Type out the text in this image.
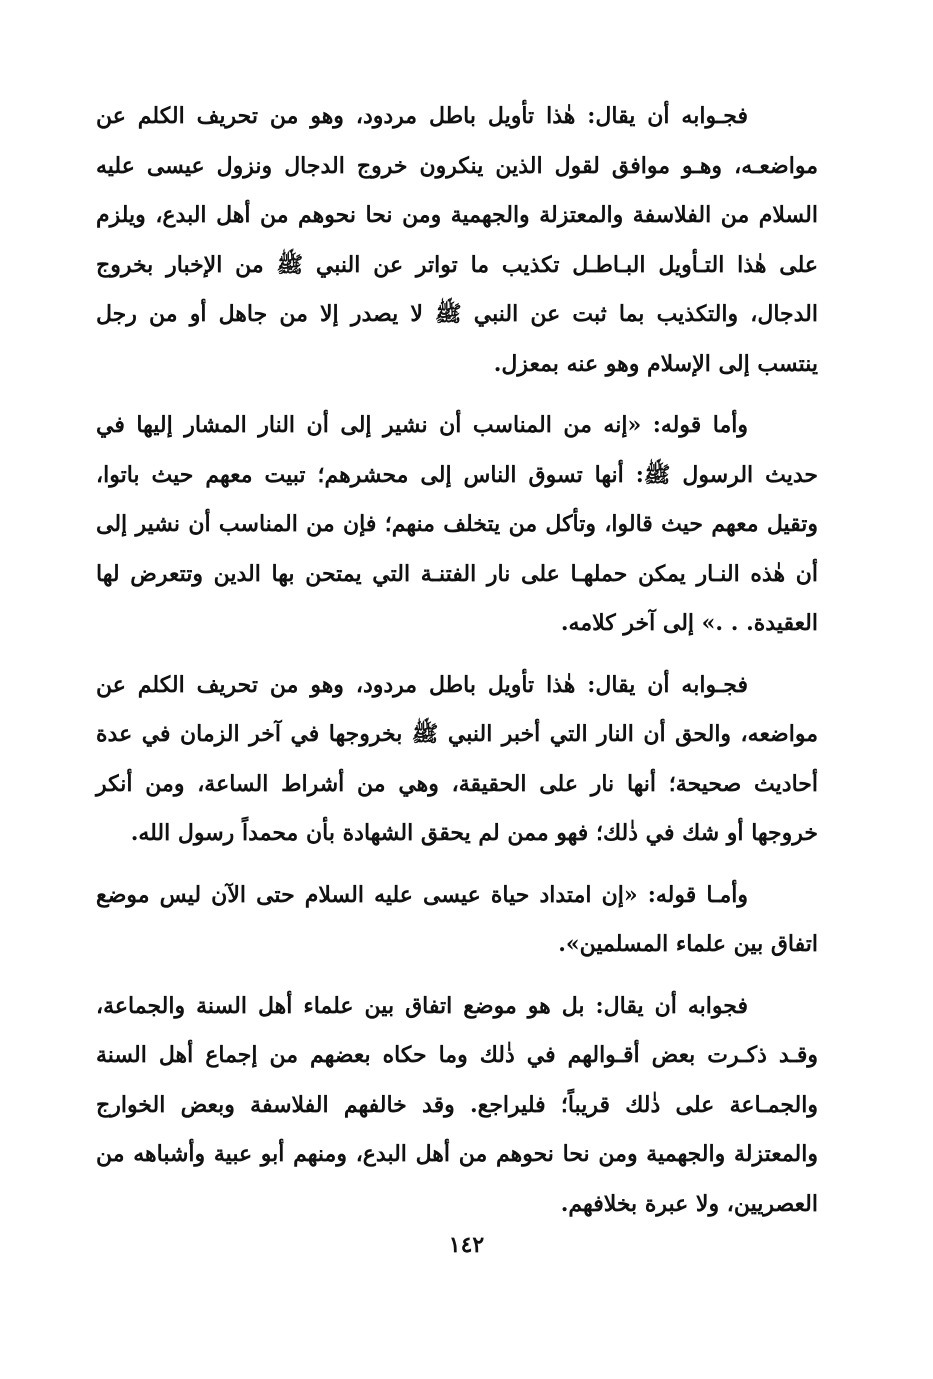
فجـوابه أن يقال: هٰذا تأويل باطل مردود، وهو من تحريف الكلم عن مواضعـه، وهـو موافق لقول الذين ينكرون خروج الدجال ونزول عيسى عليه السلام من الفلاسفة والمعتزلة والجهمية ومن نحا نحوهم من أهل البدع، ويلزم على هٰذا التـأويل البـاطـل تكذيب ما تواتر عن النبي ﷺ من الإخبار بخروج الدجال، والتكذيب بما ثبت عن النبي ﷺ لا يصدر إلا من جاهل أو من رجل ينتسب إلى الإسلام وهو عنه بمعزل.

وأما قوله: «إنه من المناسب أن نشير إلى أن النار المشار إليها في حديث الرسول ﷺ: أنها تسوق الناس إلى محشرهم؛ تبيت معهم حيث باتوا، وتقيل معهم حيث قالوا، وتأكل من يتخلف منهم؛ فإن من المناسب أن نشير إلى أن هٰذه النـار يمكن حملهـا على نار الفتنـة التي يمتحن بها الدين وتتعرض لها العقيدة. . .» إلى آخر كلامه.

فجـوابه أن يقال: هٰذا تأويل باطل مردود، وهو من تحريف الكلم عن مواضعه، والحق أن النار التي أخبر النبي ﷺ بخروجها في آخر الزمان في عدة أحاديث صحيحة؛ أنها نار على الحقيقة، وهي من أشراط الساعة، ومن أنكر خروجها أو شك في ذٰلك؛ فهو ممن لم يحقق الشهادة بأن محمداً رسول الله.

وأمـا قوله: «إن امتداد حياة عيسى عليه السلام حتى الآن ليس موضع اتفاق بين علماء المسلمين».

فجوابه أن يقال: بل هو موضع اتفاق بين علماء أهل السنة والجماعة، وقـد ذكـرت بعض أقـوالهم في ذٰلك وما حكاه بعضهم من إجماع أهل السنة والجمـاعة على ذٰلك قريباً؛ فليراجع. وقد خالفهم الفلاسفة وبعض الخوارج والمعتزلة والجهمية ومن نحا نحوهم من أهل البدع، ومنهم أبو عبية وأشباهه من العصريين، ولا عبرة بخلافهم.

١٤٢
